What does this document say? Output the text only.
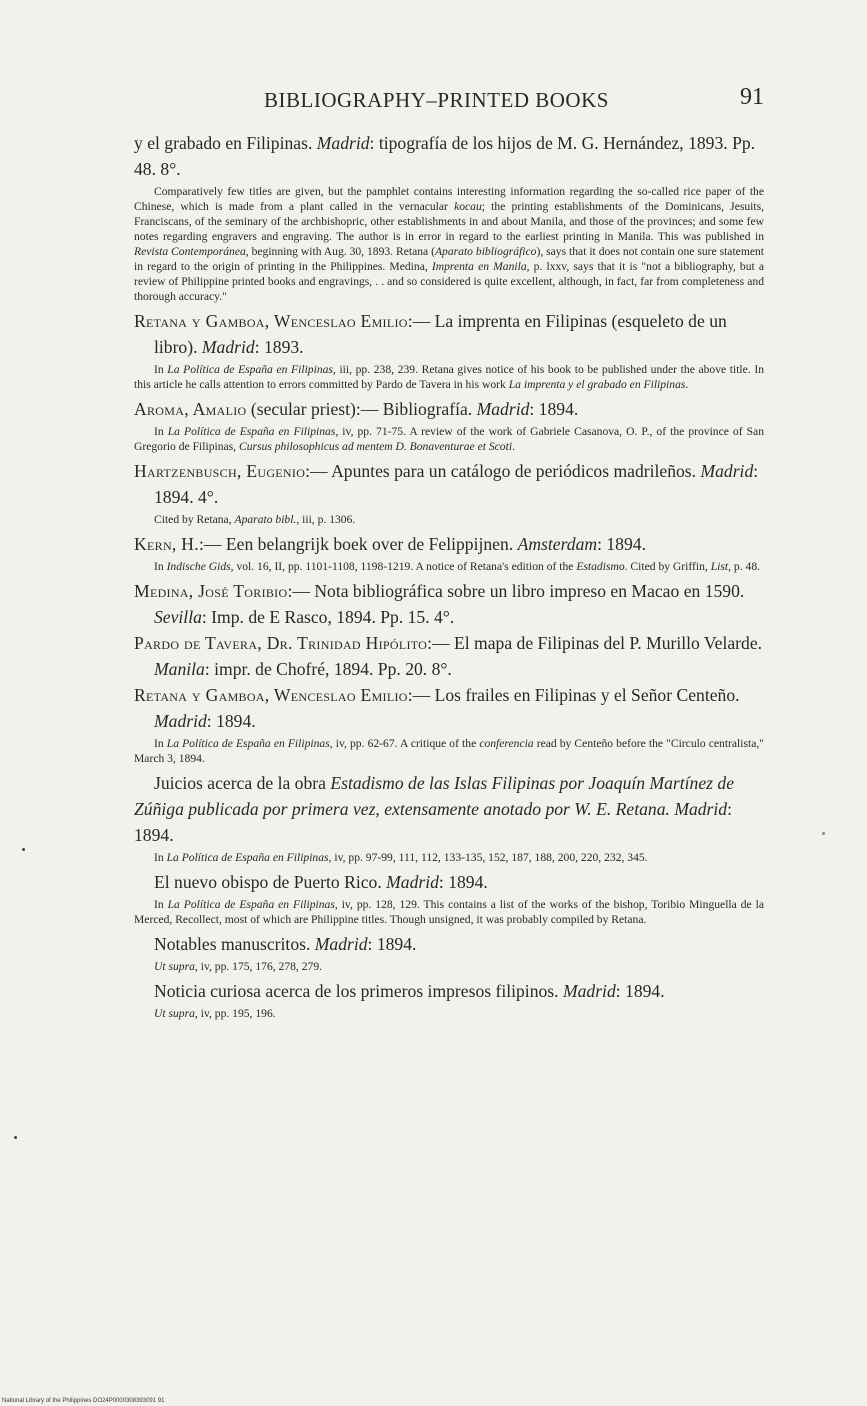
BIBLIOGRAPHY–PRINTED BOOKS	91

y el grabado en Filipinas. Madrid: tipografía de los hijos de M. G. Hernández, 1893. Pp. 48. 8°.

Comparatively few titles are given, but the pamphlet contains interesting information regarding the so-called rice paper of the Chinese, which is made from a plant called in the vernacular kocau; the printing establishments of the Dominicans, Jesuits, Franciscans, of the seminary of the archbishopric, other establishments in and about Manila, and those of the provinces; and some few notes regarding engravers and engraving. The author is in error in regard to the earliest printing in Manila. This was published in Revista Contemporánea, beginning with Aug. 30, 1893. Retana (Aparato bibliográfico), says that it does not contain one sure statement in regard to the origin of printing in the Philippines. Medina, Imprenta en Manila, p. lxxv, says that it is "not a bibliography, but a review of Philippine printed books and engravings, . . and so considered is quite excellent, although, in fact, far from completeness and thorough accuracy."

Retana y Gamboa, Wenceslao Emilio:— La imprenta en Filipinas (esqueleto de un libro). Madrid: 1893.

In La Política de España en Filipinas, iii, pp. 238, 239. Retana gives notice of his book to be published under the above title. In this article he calls attention to errors committed by Pardo de Tavera in his work La imprenta y el grabado en Filipinas.

Aroma, Amalio (secular priest):— Bibliografía. Madrid: 1894.

In La Política de España en Filipinas, iv, pp. 71-75. A review of the work of Gabriele Casanova, O. P., of the province of San Gregorio de Filipinas, Cursus philosophicus ad mentem D. Bonaventurae et Scoti.

Hartzenbusch, Eugenio:— Apuntes para un catálogo de periódicos madrileños. Madrid: 1894. 4°.

Cited by Retana, Aparato bibl., iii, p. 1306.

Kern, H.:— Een belangrijk boek over de Felippijnen. Amsterdam: 1894.

In Indische Gids, vol. 16, II, pp. 1101-1108, 1198-1219. A notice of Retana's edition of the Estadismo. Cited by Griffin, List, p. 48.

Medina, José Toribio:— Nota bibliográfica sobre un libro impreso en Macao en 1590. Sevilla: Imp. de E Rasco, 1894. Pp. 15. 4°.

Pardo de Tavera, Dr. Trinidad Hipólito:— El mapa de Filipinas del P. Murillo Velarde. Manila: impr. de Chofré, 1894. Pp. 20. 8°.

Retana y Gamboa, Wenceslao Emilio:— Los frailes en Filipinas y el Señor Centeño. Madrid: 1894.

In La Política de España en Filipinas, iv, pp. 62-67. A critique of the conferencia read by Centeño before the "Circulo centralista," March 3, 1894.

Juicios acerca de la obra Estadismo de las Islas Filipinas por Joaquín Martínez de Zúñiga publicada por primera vez, extensamente anotado por W. E. Retana. Madrid: 1894.

In La Política de España en Filipinas, iv, pp. 97-99, 111, 112, 133-135, 152, 187, 188, 200, 220, 232, 345.

El nuevo obispo de Puerto Rico. Madrid: 1894.

In La Política de España en Filipinas, iv, pp. 128, 129. This contains a list of the works of the bishop, Toribio Minguella de la Merced, Recollect, most of which are Philippine titles. Though unsigned, it was probably compiled by Retana.

Notables manuscritos. Madrid: 1894.

Ut supra, iv, pp. 175, 176, 278, 279.

Noticia curiosa acerca de los primeros impresos filipinos. Madrid: 1894.

Ut supra, iv, pp. 195, 196.

National Library of the Philippines DO24P0000308393091 91
